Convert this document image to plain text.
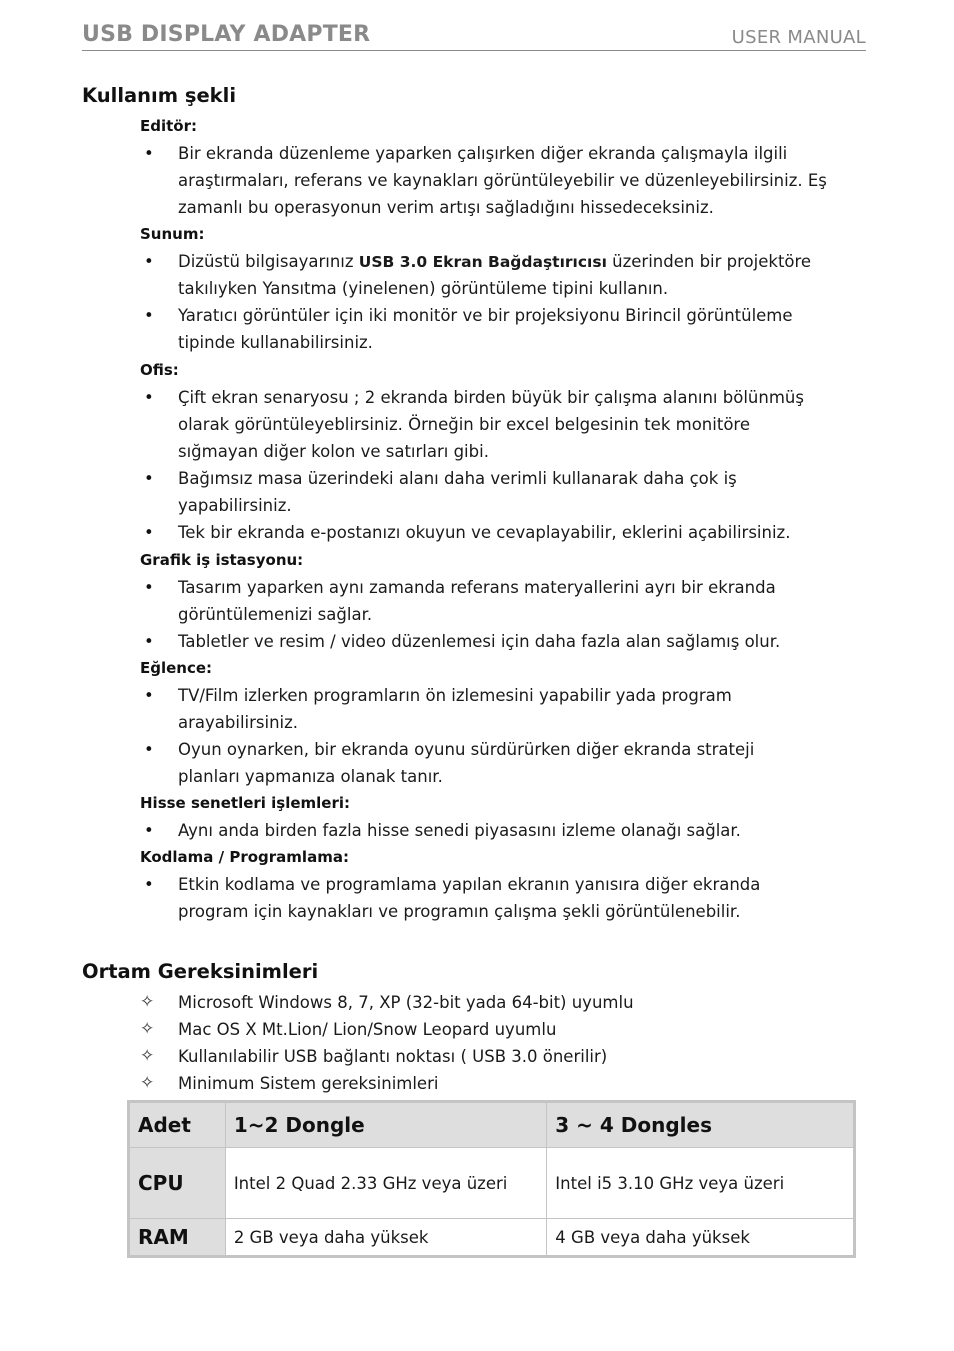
USB DISPLAY ADAPTER	USER MANUAL
Kullanım şekli
Editör:
• Bir ekranda düzenleme yaparken çalışırken diğer ekranda çalışmayla ilgili
araştırmaları, referans ve kaynakları görüntüleyebilir ve düzenleyebilirsiniz. Eş
zamanlı bu operasyonun verim artışı sağladığını hissedeceksiniz.
Sunum:
• Dizüstü bilgisayarınız USB 3.0 Ekran Bağdaştırıcısı üzerinden bir projektöre
takılıyken Yansıtma (yinelenen) görüntüleme tipini kullanın.
• Yaratıcı görüntüler için iki monitör ve bir projeksiyonu Birincil görüntüleme
tipinde kullanabilirsiniz.
Ofis:
• Çift ekran senaryosu ; 2 ekranda birden büyük bir çalışma alanını bölünmüş
olarak görüntüleyeblirsiniz. Örneğin bir excel belgesinin tek monitöre
sığmayan diğer kolon ve satırları gibi.
• Bağımsız masa üzerindeki alanı daha verimli kullanarak daha çok iş
yapabilirsiniz.
• Tek bir ekranda e-postanızı okuyun ve cevaplayabilir, eklerini açabilirsiniz.
Grafik iş istasyonu:
• Tasarım yaparken aynı zamanda referans materyallerini ayrı bir ekranda
görüntülemenizi sağlar.
• Tabletler ve resim / video düzenlemesi için daha fazla alan sağlamış olur.
Eğlence:
• TV/Film izlerken programların ön izlemesini yapabilir yada program
arayabilirsiniz.
• Oyun oynarken, bir ekranda oyunu sürdürürken diğer ekranda strateji
planları yapmanıza olanak tanır.
Hisse senetleri işlemleri:
• Aynı anda birden fazla hisse senedi piyasasını izleme olanağı sağlar.
Kodlama / Programlama:
• Etkin kodlama ve programlama yapılan ekranın yanısıra diğer ekranda
program için kaynakları ve programın çalışma şekli görüntülenebilir.
Ortam Gereksinimleri
✧ Microsoft Windows 8, 7, XP (32-bit yada 64-bit) uyumlu
✧ Mac OS X Mt.Lion/ Lion/Snow Leopard uyumlu
✧ Kullanılabilir USB bağlantı noktası ( USB 3.0 önerilir)
✧ Minimum Sistem gereksinimleri
Adet	1~2 Dongle	3 ~ 4 Dongles
CPU	Intel 2 Quad 2.33 GHz veya üzeri	Intel i5 3.10 GHz veya üzeri
RAM	2 GB veya daha yüksek	4 GB veya daha yüksek
